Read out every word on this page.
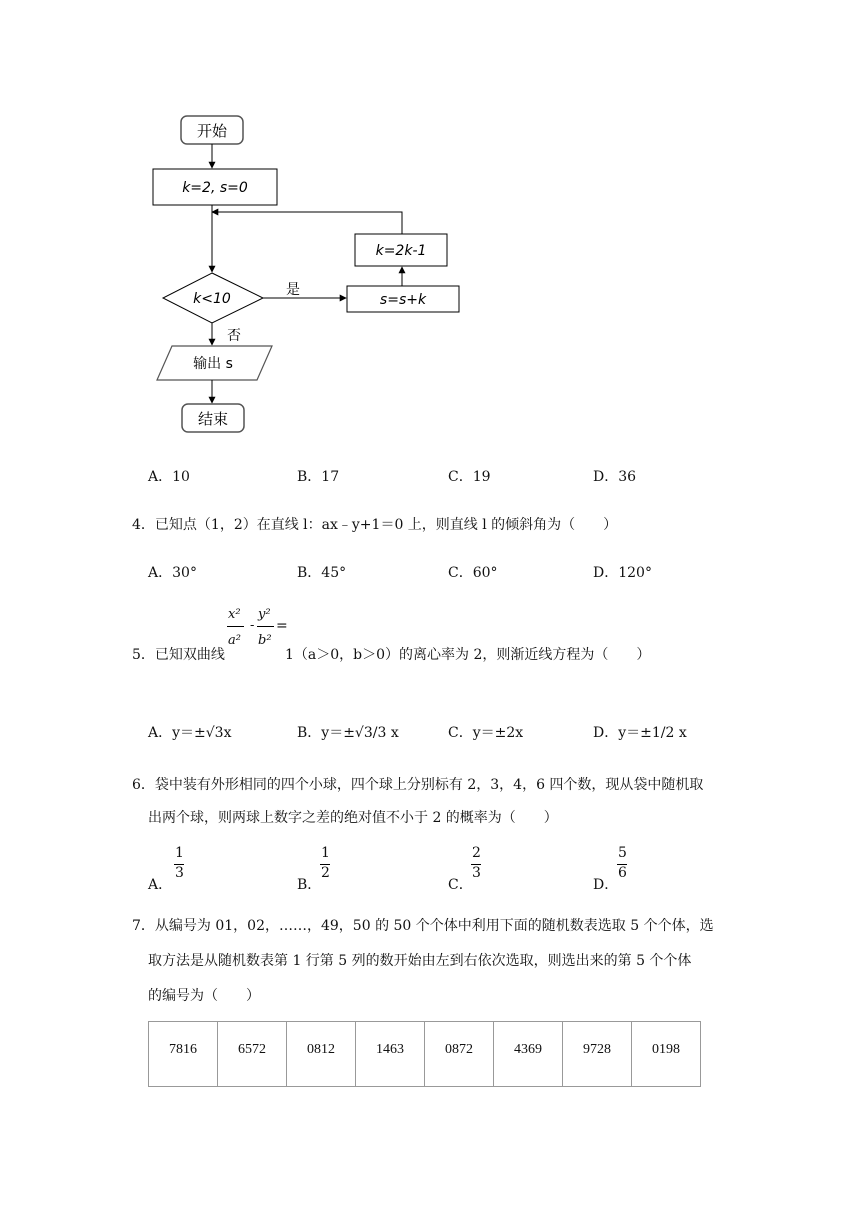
开始
k=2, s=0
k=2k-1
k<10
是
s=s+k
否
输出 s
结束
A．10	B．17	C．19	D．36
4．已知点（1，2）在直线 l：ax﹣y+1＝0 上，则直线 l 的倾斜角为（　　）
A．30°	B．45°	C．60°	D．120°
5．已知双曲线
x²
a²
-
y²
b²
=
1（a＞0，b＞0）的离心率为 2，则渐近线方程为（　　）
A．y＝±√3x	B．y＝±√3/3 x	C．y＝±2x	D．y＝±1/2 x
6．袋中装有外形相同的四个小球，四个球上分别标有 2，3，4，6 四个数，现从袋中随机取
出两个球，则两球上数字之差的绝对值不小于 2 的概率为（　　）
A．
1
3
B．
1
2
C．
2
3
D．
5
6
7．从编号为 01，02，……，49，50 的 50 个个体中利用下面的随机数表选取 5 个个体，选
取方法是从随机数表第 1 行第 5 列的数开始由左到右依次选取，则选出来的第 5 个个体
的编号为（　　）
7816	6572	0812	1463	0872	4369	9728	0198
